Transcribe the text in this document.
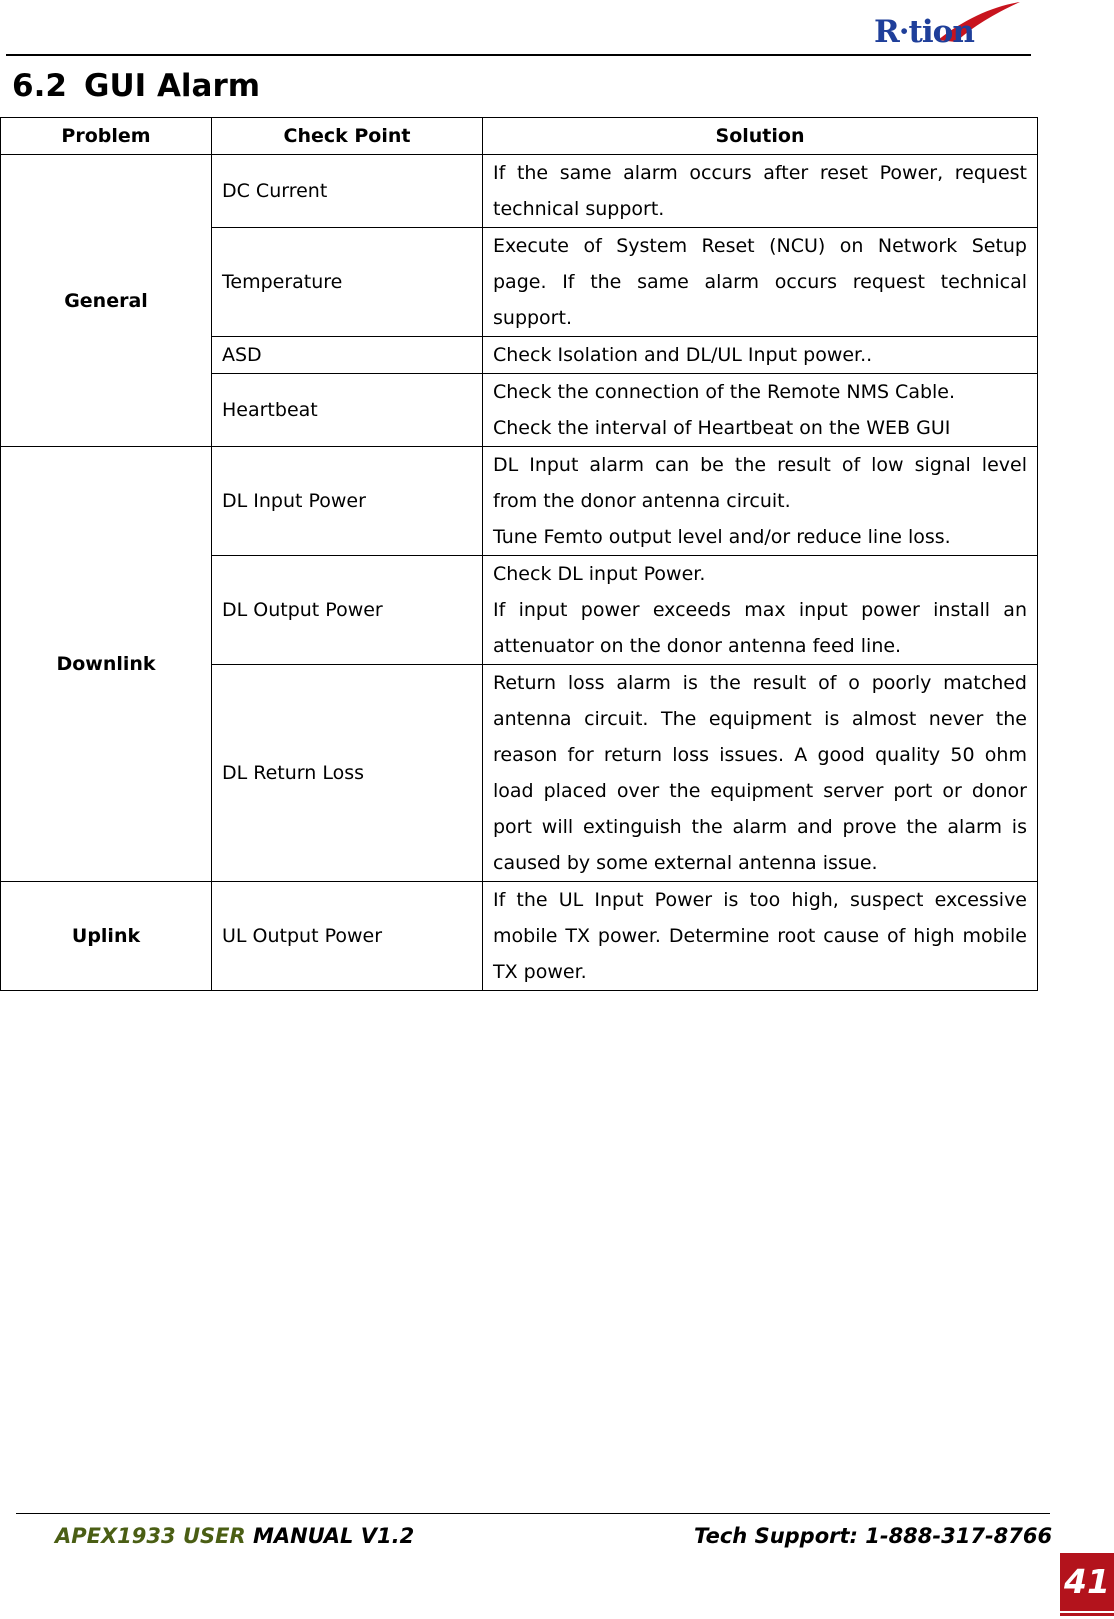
R·tion
6.2 GUI Alarm
Problem	Check Point	Solution
General	DC Current	If the same alarm occurs after reset Power, request technical support.

	Temperature	Execute of System Reset (NCU) on Network Setup page. If the same alarm occurs request technical support.

	ASD	Check Isolation and DL/UL Input power..

	Heartbeat	Check the connection of the Remote NMS Cable.
Check the interval of Heartbeat on the WEB GUI

Downlink	DL Input Power	DL Input alarm can be the result of low signal level from the donor antenna circuit.
Tune Femto output level and/or reduce line loss.

	DL Output Power	Check DL input Power.
If input power exceeds max input power install an attenuator on the donor antenna feed line.

	DL Return Loss	Return loss alarm is the result of o poorly matched antenna circuit. The equipment is almost never the reason for return loss issues. A good quality 50 ohm load placed over the equipment server port or donor port will extinguish the alarm and prove the alarm is caused by some external antenna issue.

Uplink	UL Output Power	If the UL Input Power is too high, suspect excessive mobile TX power. Determine root cause of high mobile TX power.
APEX1933 USER MANUAL V1.2	Tech Support: 1-888-317-8766
41
